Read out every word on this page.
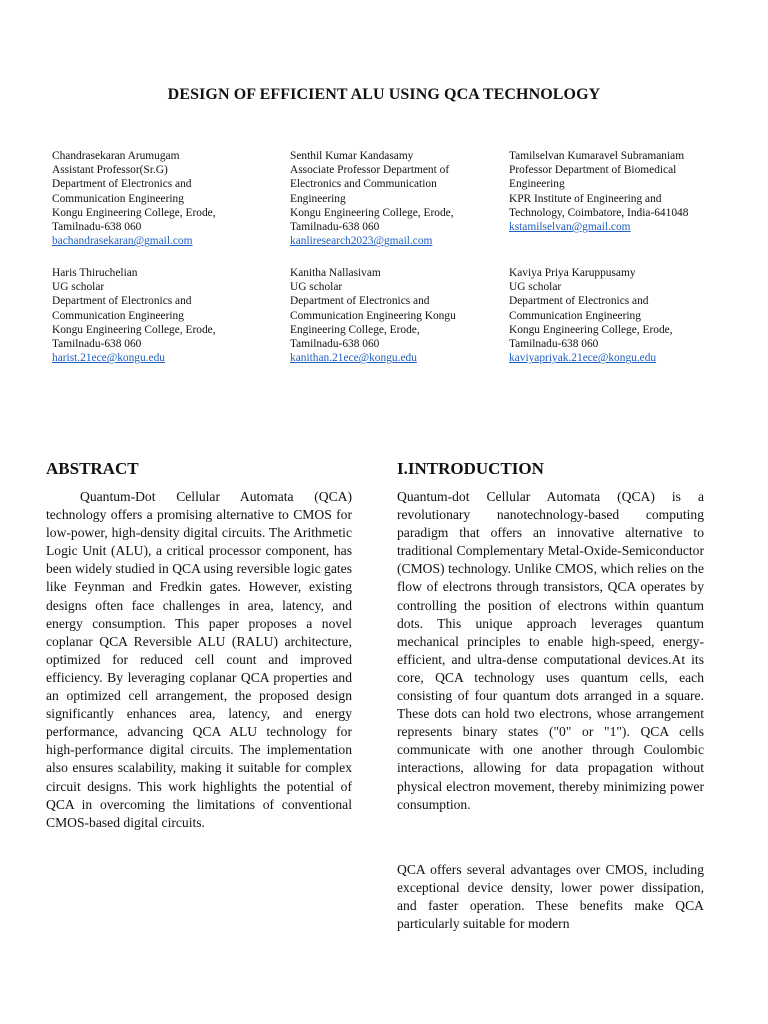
DESIGN OF EFFICIENT ALU USING QCA TECHNOLOGY
Chandrasekaran Arumugam
Assistant Professor(Sr.G)
Department of Electronics and
Communication Engineering
Kongu Engineering College, Erode,
Tamilnadu-638 060
bachandrasekaran@gmail.com
Senthil Kumar Kandasamy
Associate Professor Department of
Electronics and Communication
Engineering
Kongu Engineering College, Erode,
Tamilnadu-638 060
kanliresearch2023@gmail.com
Tamilselvan Kumaravel Subramaniam
Professor Department of Biomedical
Engineering
KPR Institute of Engineering and
Technology, Coimbatore, India-641048
kstamilselvan@gmail.com
Haris Thiruchelian
UG scholar
Department of Electronics and
Communication Engineering
Kongu Engineering College, Erode,
Tamilnadu-638 060
harist.21ece@kongu.edu
Kanitha Nallasivam
UG scholar
Department of Electronics and
Communication Engineering Kongu
Engineering College, Erode,
Tamilnadu-638 060
kanithan.21ece@kongu.edu
Kaviya Priya Karuppusamy
UG scholar
Department of Electronics and
Communication Engineering
Kongu Engineering College, Erode,
Tamilnadu-638 060
kaviyapriyak.21ece@kongu.edu
ABSTRACT	I.INTRODUCTION

Quantum-Dot Cellular Automata (QCA) technology offers a promising alternative to CMOS for low-power, high-density digital circuits. The Arithmetic Logic Unit (ALU), a critical processor component, has been widely studied in QCA using reversible logic gates like Feynman and Fredkin gates. However, existing designs often face challenges in area, latency, and energy consumption. This paper proposes a novel coplanar QCA Reversible ALU (RALU) architecture, optimized for reduced cell count and improved efficiency. By leveraging coplanar QCA properties and an optimized cell arrangement, the proposed design significantly enhances area, latency, and energy performance, advancing QCA ALU technology for high-performance digital circuits. The implementation also ensures scalability, making it suitable for complex circuit designs. This work highlights the potential of QCA in overcoming the limitations of conventional CMOS-based digital circuits.

Quantum-dot Cellular Automata (QCA) is a revolutionary nanotechnology-based computing paradigm that offers an innovative alternative to traditional Complementary Metal-Oxide-Semiconductor (CMOS) technology. Unlike CMOS, which relies on the flow of electrons through transistors, QCA operates by controlling the position of electrons within quantum dots. This unique approach leverages quantum mechanical principles to enable high-speed, energy-efficient, and ultra-dense computational devices.At its core, QCA technology uses quantum cells, each consisting of four quantum dots arranged in a square. These dots can hold two electrons, whose arrangement represents binary states ("0" or "1"). QCA cells communicate with one another through Coulombic interactions, allowing for data propagation without physical electron movement, thereby minimizing power consumption.

QCA offers several advantages over CMOS, including exceptional device density, lower power dissipation, and faster operation. These benefits make QCA particularly suitable for modern
